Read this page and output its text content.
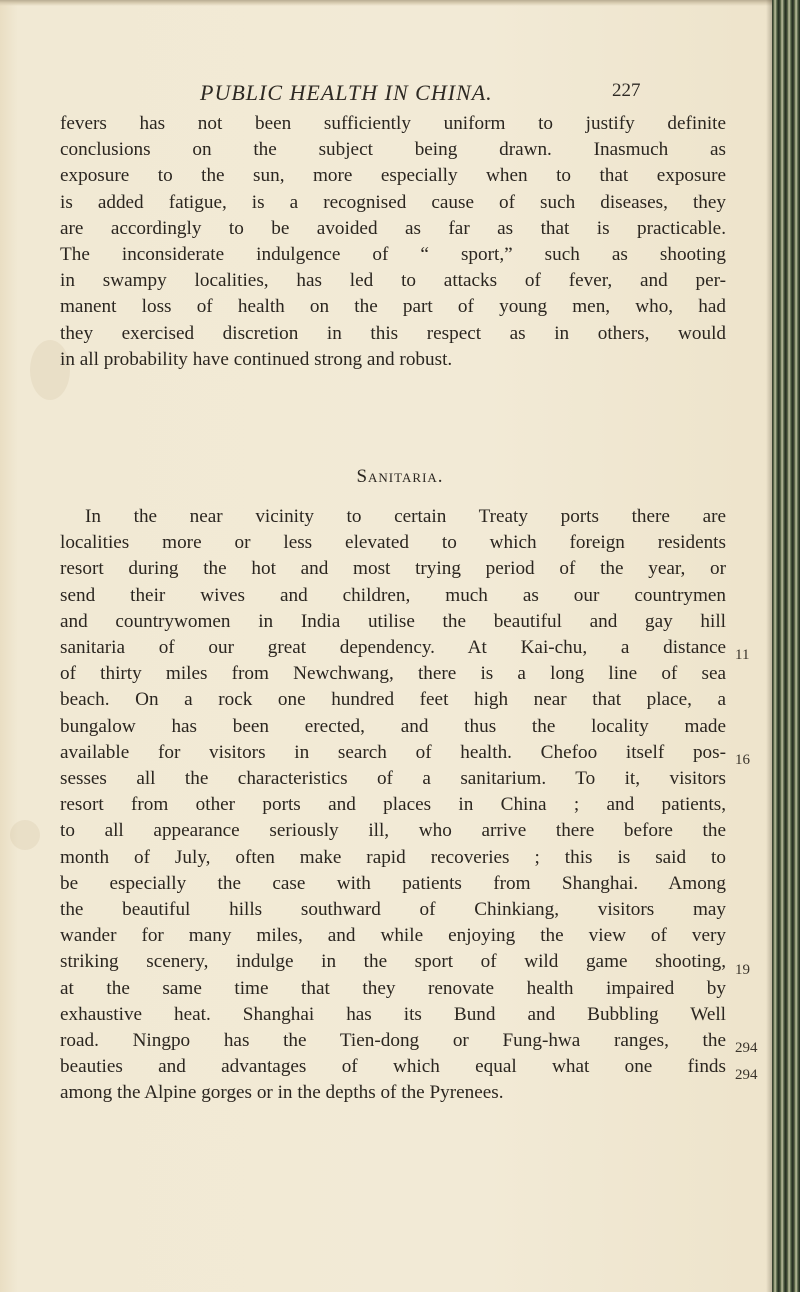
PUBLIC HEALTH IN CHINA.	227

fevers has not been sufficiently uniform to justify definite

conclusions on the subject being drawn. Inasmuch as

exposure to the sun, more especially when to that exposure

is added fatigue, is a recognised cause of such diseases, they

are accordingly to be avoided as far as that is practicable.

The inconsiderate indulgence of “ sport,” such as shooting

in swampy localities, has led to attacks of fever, and per-

manent loss of health on the part of young men, who, had

they exercised discretion in this respect as in others, would

in all probability have continued strong and robust.

Sanitaria.

In the near vicinity to certain Treaty ports there are

localities more or less elevated to which foreign residents

resort during the hot and most trying period of the year, or

send their wives and children, much as our countrymen

and countrywomen in India utilise the beautiful and gay hill

sanitaria of our great dependency. At Kai-chu, a distance

of thirty miles from Newchwang, there is a long line of sea

beach. On a rock one hundred feet high near that place, a

bungalow has been erected, and thus the locality made

available for visitors in search of health. Chefoo itself pos-

sesses all the characteristics of a sanitarium. To it, visitors

resort from other ports and places in China ; and patients,

to all appearance seriously ill, who arrive there before the

month of July, often make rapid recoveries ; this is said to

be especially the case with patients from Shanghai. Among

the beautiful hills southward of Chinkiang, visitors may

wander for many miles, and while enjoying the view of very

striking scenery, indulge in the sport of wild game shooting,

at the same time that they renovate health impaired by

exhaustive heat. Shanghai has its Bund and Bubbling Well

road. Ningpo has the Tien-dong or Fung-hwa ranges, the

beauties and advantages of which equal what one finds

among the Alpine gorges or in the depths of the Pyrenees.

11
16
19
294
294
